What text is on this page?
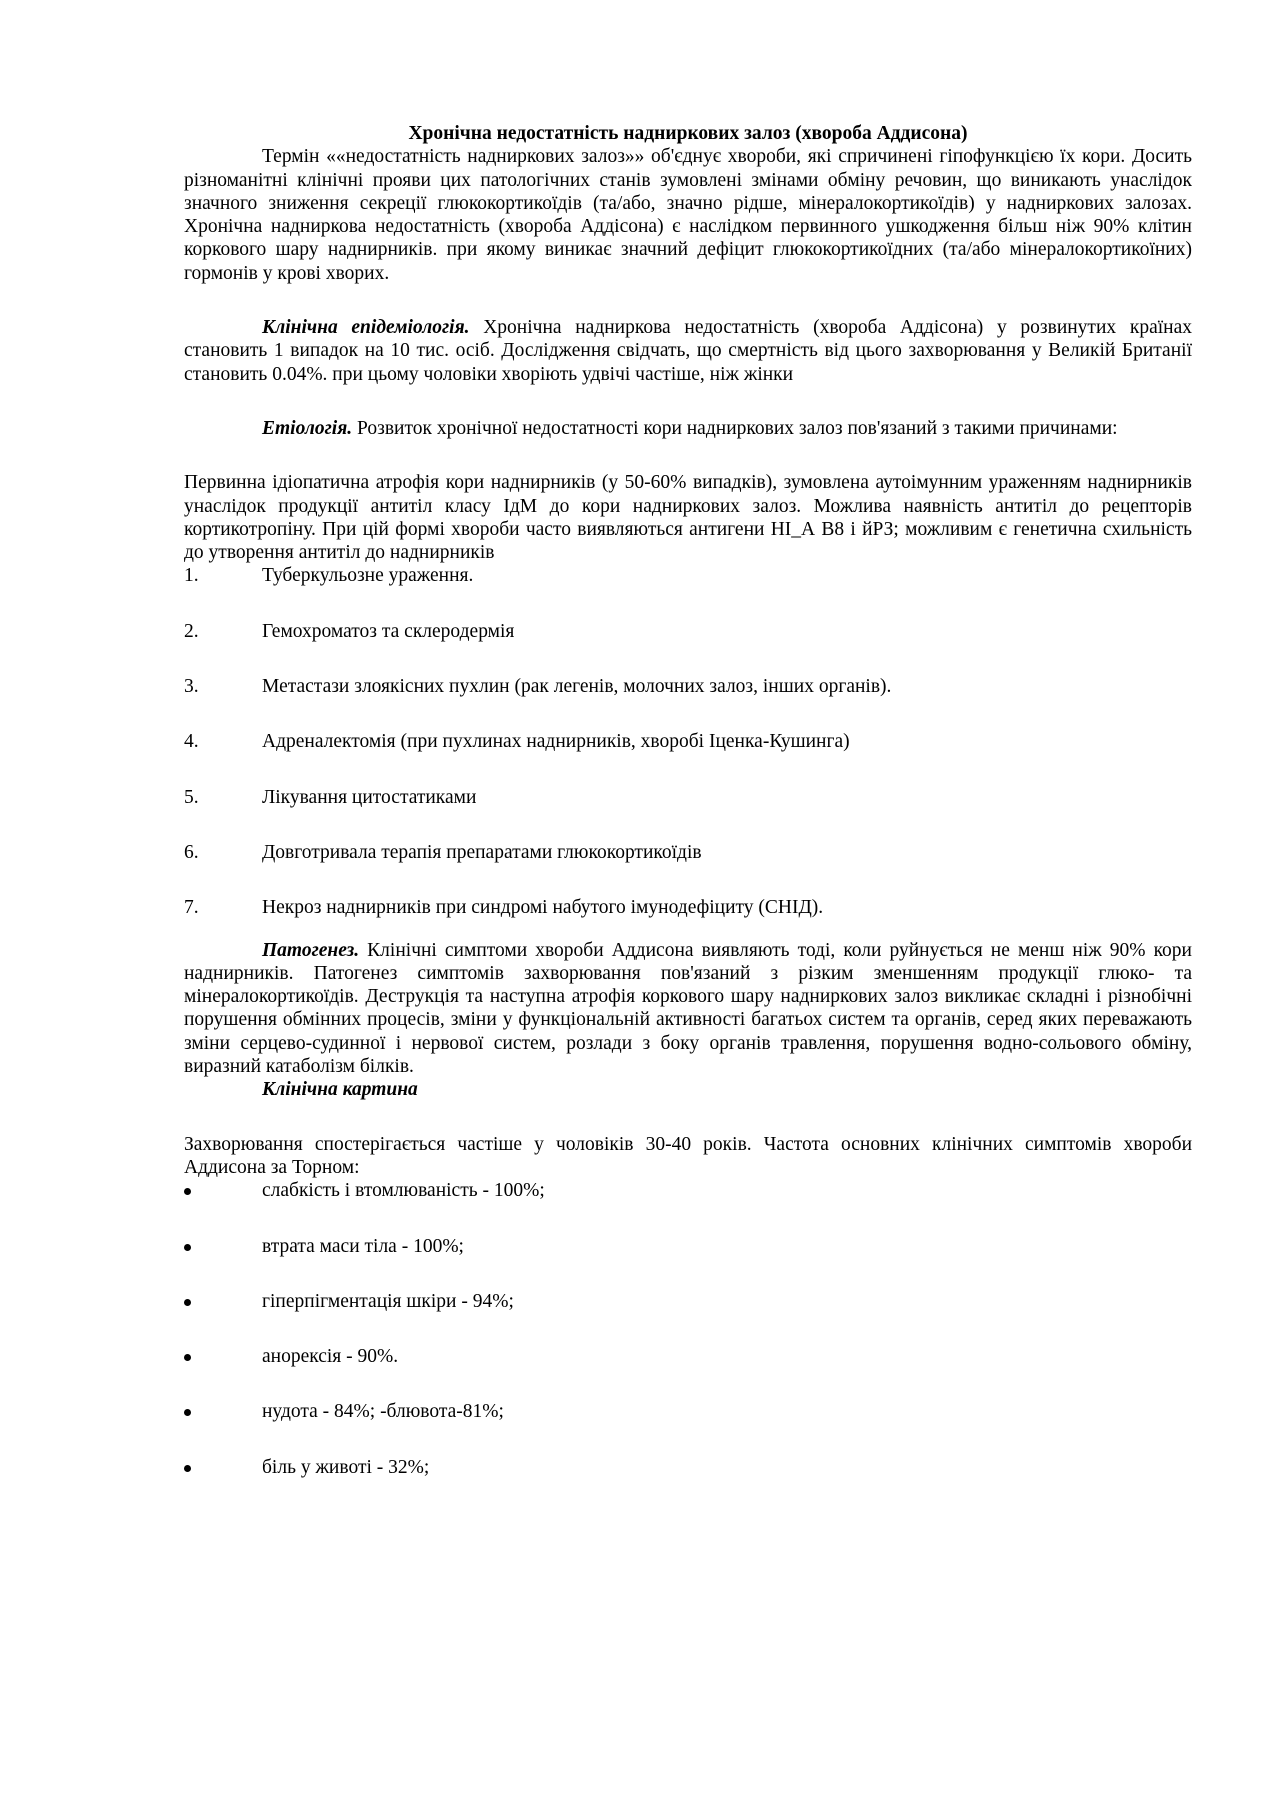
Хронічна недостатність надниркових залоз (хвороба Аддисона)

Термін ««недостатність надниркових залоз»» об'єднує хвороби, які спричинені гіпофункцією їх кори. Досить різноманітні клінічні прояви цих патологічних станів зумовлені змінами обміну речовин, що виникають унаслідок значного зниження секреції глюкокортикоїдів (та/або, значно рідше, мінералокортикоїдів) у надниркових залозах. Хронічна надниркова недостатність (хвороба Аддісона) є наслідком первинного ушкодження більш ніж 90% клітин коркового шару наднирників. при якому виникає значний дефіцит глюкокортикоїдних (та/або мінералокортикоїних) гормонів у крові хворих.

Клінічна епідеміологія. Хронічна надниркова недостатність (хвороба Аддісона) у розвинутих країнах становить 1 випадок на 10 тис. осіб. Дослідження свідчать, що смертність від цього захворювання у Великій Британії становить 0.04%. при цьому чоловіки хворіють удвічі частіше, ніж жінки

Етіологія. Розвиток хронічної недостатності кори надниркових залоз пов'язаний з такими причинами:

Первинна ідіопатична атрофія кори наднирників (у 50-60% випадків), зумовлена аутоімунним ураженням наднирників унаслідок продукції антитіл класу ІдМ до кори надниркових залоз. Можлива наявність антитіл до рецепторів кортикотропіну. При цій формі хвороби часто виявляються антигени НІ_А В8 і йРЗ; можливим є генетична схильність до утворення антитіл до наднирників

1.	Туберкульозне ураження.
2.	Гемохроматоз та склеродермія
3.	Метастази злоякісних пухлин (рак легенів, молочних залоз, інших органів).
4.	Адреналектомія (при пухлинах наднирників, хворобі Іценка-Кушинга)
5.	Лікування цитостатиками
6.	Довготривала терапія препаратами глюкокортикоїдів
7.	Некроз наднирників при синдромі набутого імунодефіциту (СНІД).

Патогенез. Клінічні симптоми хвороби Аддисона виявляють тоді, коли руйнується не менш ніж 90% кори наднирників. Патогенез симптомів захворювання пов'язаний з різким зменшенням продукції глюко- та мінералокортикоїдів. Деструкція та наступна атрофія коркового шару надниркових залоз викликає складні і різнобічні порушення обмінних процесів, зміни у функціональній активності багатьох систем та органів, серед яких переважають зміни серцево-судинної і нервової систем, розлади з боку органів травлення, порушення водно-сольового обміну, виразний катаболізм білків.

Клінічна картина

Захворювання спостерігається частіше у чоловіків 30-40 років. Частота основних клінічних симптомів хвороби Аддисона за Торном:

слабкість і втомлюваність - 100%;
втрата маси тіла - 100%;
гіперпігментація шкіри - 94%;
анорексія - 90%.
нудота - 84%; -блювота-81%;
біль у животі - 32%;
